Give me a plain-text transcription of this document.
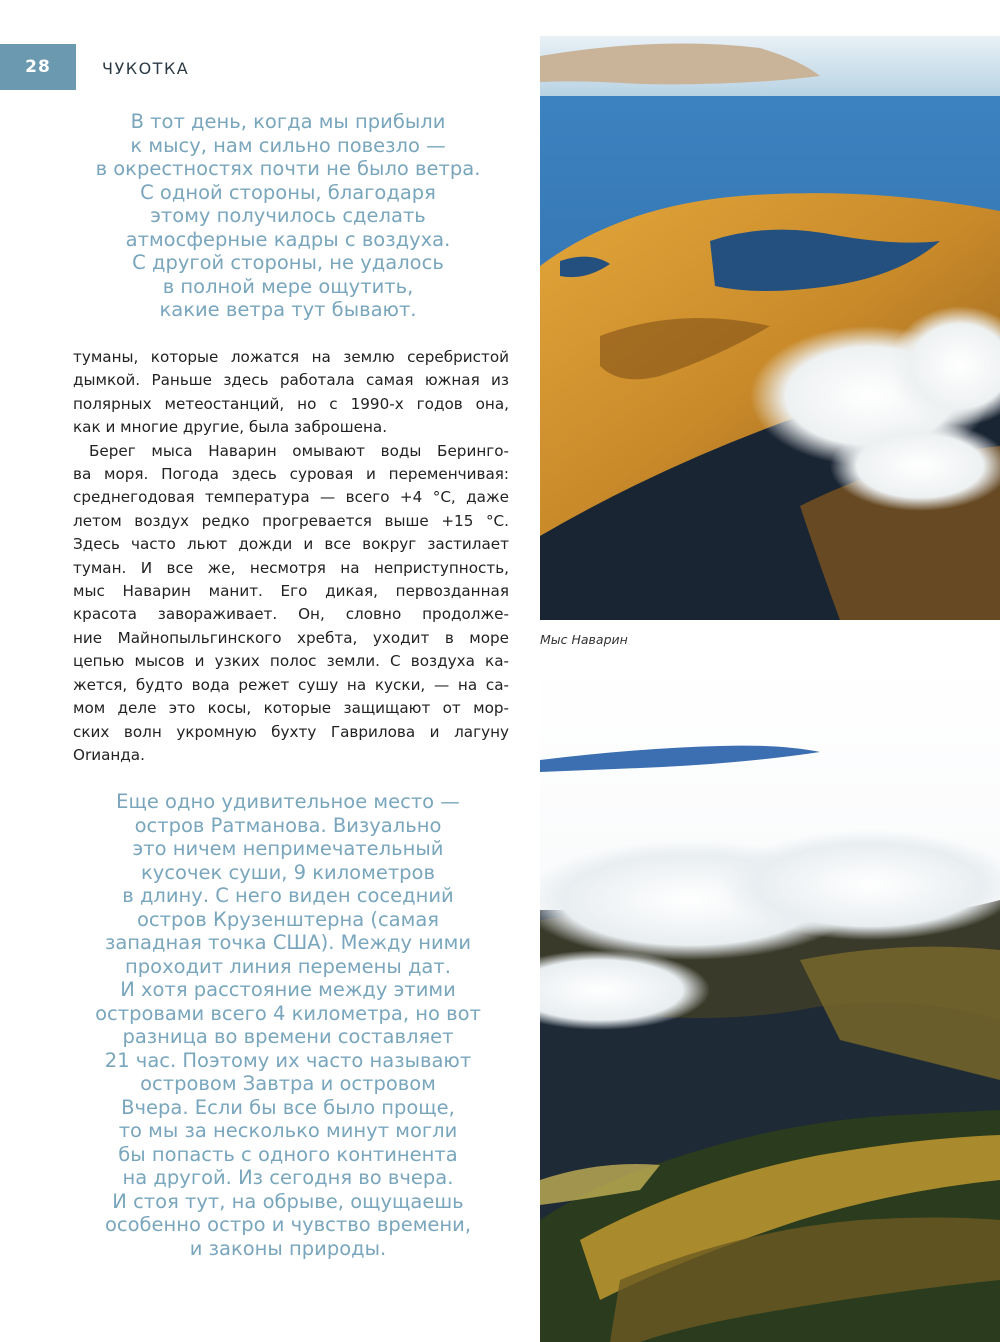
28	ЧУКОТКА
В тот день, когда мы прибыли
к мысу, нам сильно повезло —
в окрестностях почти не было ветра.
С одной стороны, благодаря
этому получилось сделать
атмосферные кадры с воздуха.
С другой стороны, не удалось
в полной мере ощутить,
какие ветра тут бывают.
туманы, которые ложатся на землю серебристой
дымкой. Раньше здесь работала самая южная из
полярных метеостанций, но с 1990-х годов она,
как и многие другие, была заброшена.
Берег мыса Наварин омывают воды Беринго-
ва моря. Погода здесь суровая и переменчивая:
среднегодовая температура — всего +4 °С, даже
летом воздух редко прогревается выше +15 °С.
Здесь часто льют дожди и все вокруг застилает
туман. И все же, несмотря на неприступность,
мыс Наварин манит. Его дикая, первозданная
красота завораживает. Он, словно продолже-
ние Майнопыльгинского хребта, уходит в море
цепью мысов и узких полос земли. С воздуха ка-
жется, будто вода режет сушу на куски, — на са-
мом деле это косы, которые защищают от мор-
ских волн укромную бухту Гаврилова и лагуну
Orианда.
Еще одно удивительное место —
остров Ратманова. Визуально
это ничем непримечательный
кусочек суши, 9 километров
в длину. С него виден соседний
остров Крузенштерна (самая
западная точка США). Между ними
проходит линия перемены дат.
И хотя расстояние между этими
островами всего 4 километра, но вот
разница во времени составляет
21 час. Поэтому их часто называют
островом Завтра и островом
Вчера. Если бы все было проще,
то мы за несколько минут могли
бы попасть с одного континента
на другой. Из сегодня во вчера.
И стоя тут, на обрыве, ощущаешь
особенно остро и чувство времени,
и законы природы.
Мыс Наварин
